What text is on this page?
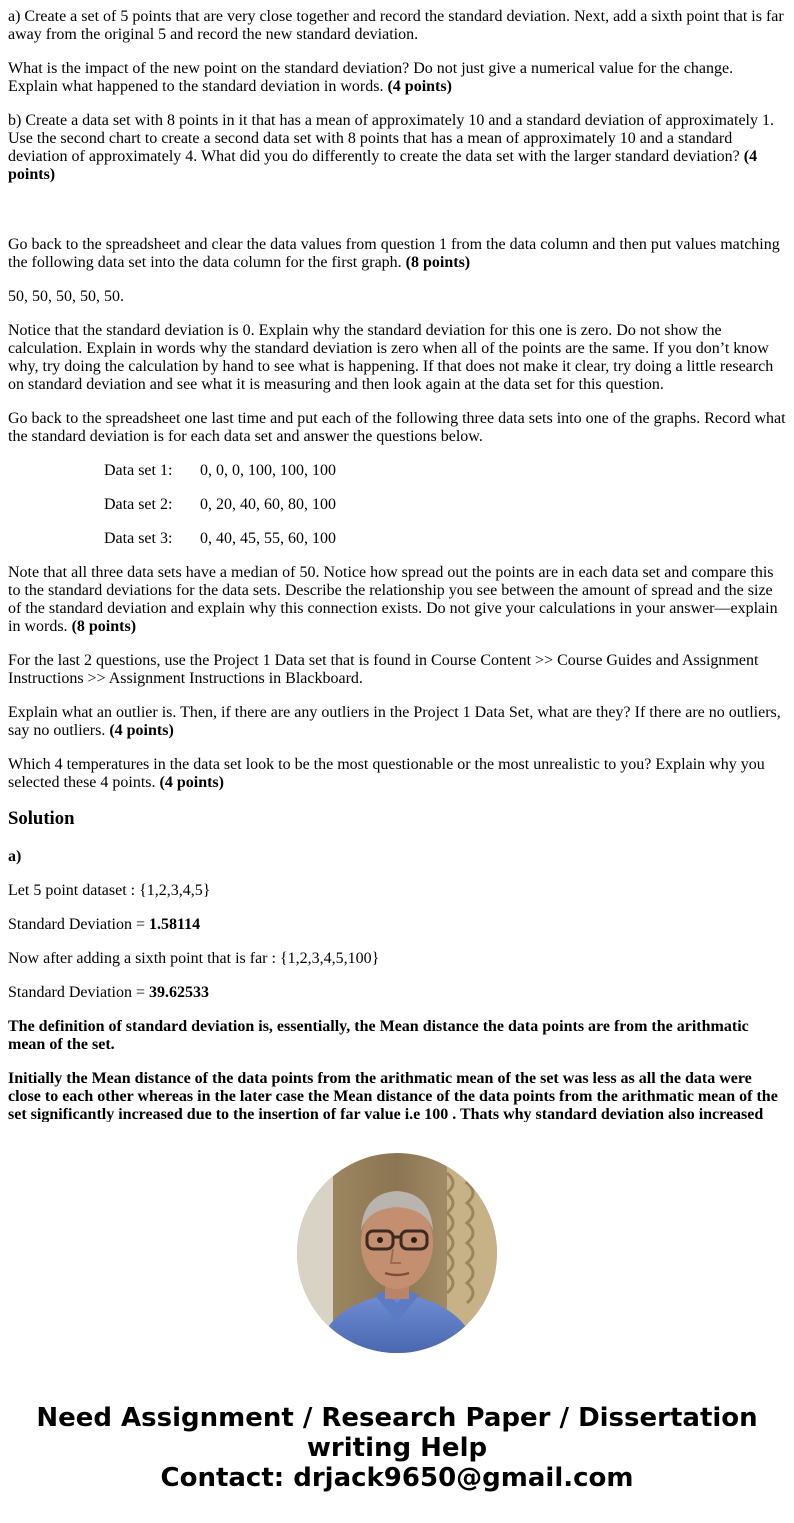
a) Create a set of 5 points that are very close together and record the standard deviation. Next, add a sixth point that is far away from the original 5 and record the new standard deviation.

What is the impact of the new point on the standard deviation? Do not just give a numerical value for the change. Explain what happened to the standard deviation in words. (4 points)

b) Create a data set with 8 points in it that has a mean of approximately 10 and a standard deviation of approximately 1. Use the second chart to create a second data set with 8 points that has a mean of approximately 10 and a standard deviation of approximately 4. What did you do differently to create the data set with the larger standard deviation? (4 points)

Go back to the spreadsheet and clear the data values from question 1 from the data column and then put values matching the following data set into the data column for the first graph. (8 points)

50, 50, 50, 50, 50.

Notice that the standard deviation is 0. Explain why the standard deviation for this one is zero. Do not show the calculation. Explain in words why the standard deviation is zero when all of the points are the same. If you don’t know why, try doing the calculation by hand to see what is happening. If that does not make it clear, try doing a little research on standard deviation and see what it is measuring and then look again at the data set for this question.

Go back to the spreadsheet one last time and put each of the following three data sets into one of the graphs. Record what the standard deviation is for each data set and answer the questions below.

Data set 1: 0, 0, 0, 100, 100, 100
Data set 2: 0, 20, 40, 60, 80, 100
Data set 3: 0, 40, 45, 55, 60, 100

Note that all three data sets have a median of 50. Notice how spread out the points are in each data set and compare this to the standard deviations for the data sets. Describe the relationship you see between the amount of spread and the size of the standard deviation and explain why this connection exists. Do not give your calculations in your answer—explain in words. (8 points)

For the last 2 questions, use the Project 1 Data set that is found in Course Content >> Course Guides and Assignment Instructions >> Assignment Instructions in Blackboard.

Explain what an outlier is. Then, if there are any outliers in the Project 1 Data Set, what are they? If there are no outliers, say no outliers. (4 points)

Which 4 temperatures in the data set look to be the most questionable or the most unrealistic to you? Explain why you selected these 4 points. (4 points)

Solution

a)

Let 5 point dataset : {1,2,3,4,5}

Standard Deviation = 1.58114

Now after adding a sixth point that is far : {1,2,3,4,5,100}

Standard Deviation = 39.62533

The definition of standard deviation is, essentially, the Mean distance the data points are from the arithmatic mean of the set.

Initially the Mean distance of the data points from the arithmatic mean of the set was less as all the data were close to each other whereas in the later case the Mean distance of the data points from the arithmatic mean of the set significantly increased due to the insertion of far value i.e 100 . Thats why standard deviation also increased

Need Assignment / Research Paper / Dissertation
writing Help
Contact: drjack9650@gmail.com
